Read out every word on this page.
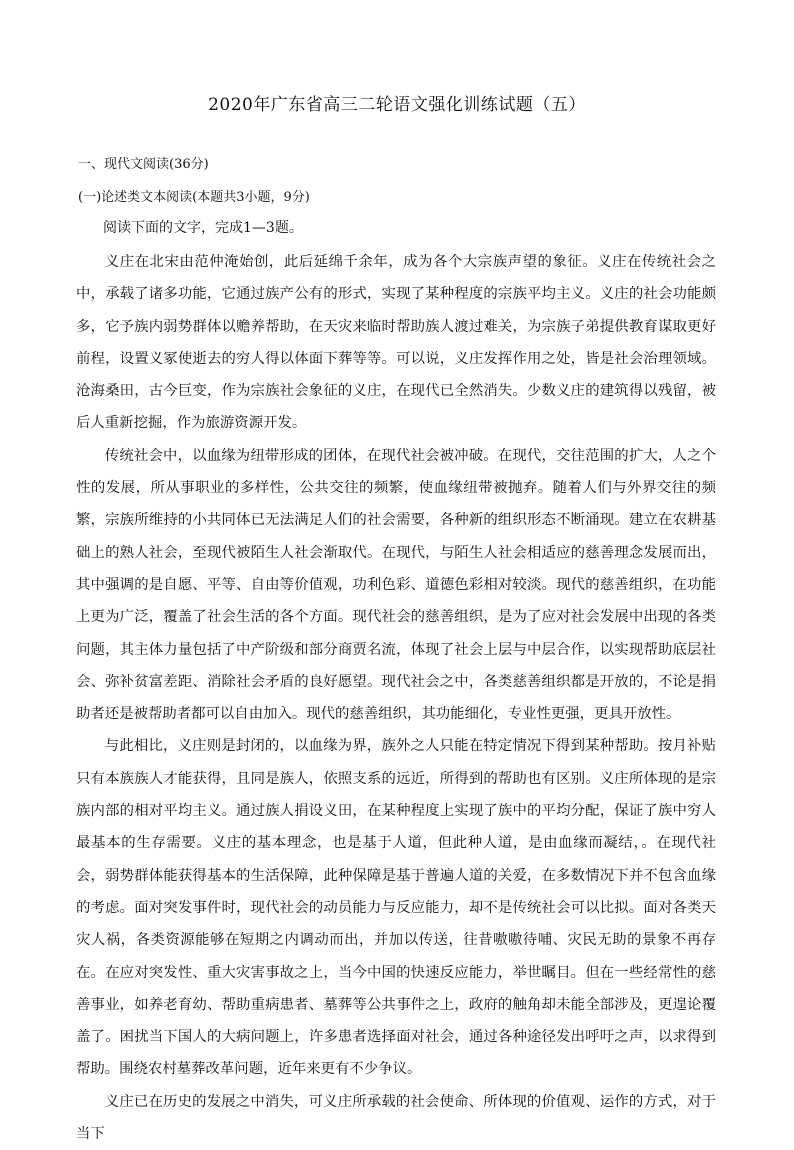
2020年广东省高三二轮语文强化训练试题（五）
一、现代文阅读(36分)
(一)论述类文本阅读(本题共3小题，9分)
阅读下面的文字，完成1—3题。

义庄在北宋由范仲淹始创，此后延绵千余年，成为各个大宗族声望的象征。义庄在传统社会之中，承载了诸多功能，它通过族产公有的形式，实现了某种程度的宗族平均主义。义庄的社会功能颇多，它予族内弱势群体以赡养帮助，在天灾来临时帮助族人渡过难关，为宗族子弟提供教育谋取更好前程，设置义冢使逝去的穷人得以体面下葬等等。可以说，义庄发挥作用之处，皆是社会治理领域。沧海桑田，古今巨变，作为宗族社会象征的义庄，在现代已全然消失。少数义庄的建筑得以残留，被后人重新挖掘，作为旅游资源开发。

传统社会中，以血缘为纽带形成的团体，在现代社会被冲破。在现代，交往范围的扩大，人之个性的发展，所从事职业的多样性，公共交往的频繁，使血缘纽带被抛弃。随着人们与外界交往的频繁，宗族所维持的小共同体已无法满足人们的社会需要，各种新的组织形态不断涌现。建立在农耕基础上的熟人社会，至现代被陌生人社会渐取代。在现代，与陌生人社会相适应的慈善理念发展而出，其中强调的是自愿、平等、自由等价值观，功利色彩、道德色彩相对较淡。现代的慈善组织，在功能上更为广泛，覆盖了社会生活的各个方面。现代社会的慈善组织，是为了应对社会发展中出现的各类问题，其主体力量包括了中产阶级和部分商贾名流，体现了社会上层与中层合作，以实现帮助底层社会、弥补贫富差距、消除社会矛盾的良好愿望。现代社会之中，各类慈善组织都是开放的，不论是捐助者还是被帮助者都可以自由加入。现代的慈善组织，其功能细化，专业性更强，更具开放性。

与此相比，义庄则是封闭的，以血缘为界，族外之人只能在特定情况下得到某种帮助。按月补贴只有本族族人才能获得，且同是族人，依照支系的远近，所得到的帮助也有区别。义庄所体现的是宗族内部的相对平均主义。通过族人捐设义田，在某种程度上实现了族中的平均分配，保证了族中穷人最基本的生存需要。义庄的基本理念，也是基于人道，但此种人道，是由血缘而凝结，。在现代社会，弱势群体能获得基本的生活保障，此种保障是基于普遍人道的关爱，在多数情况下并不包含血缘的考虑。面对突发事件时，现代社会的动员能力与反应能力，却不是传统社会可以比拟。面对各类天灾人祸，各类资源能够在短期之内调动而出，并加以传送，往昔嗷嗷待哺、灾民无助的景象不再存在。在应对突发性、重大灾害事故之上，当今中国的快速反应能力，举世瞩目。但在一些经常性的慈善事业，如养老育幼、帮助重病患者、墓葬等公共事件之上，政府的触角却未能全部涉及，更遑论覆盖了。困扰当下国人的大病问题上，许多患者选择面对社会，通过各种途径发出呼吁之声，以求得到帮助。围绕农村墓葬改革问题，近年来更有不少争议。

义庄已在历史的发展之中消失，可义庄所承载的社会使命、所体现的价值观、运作的方式，对于当下
